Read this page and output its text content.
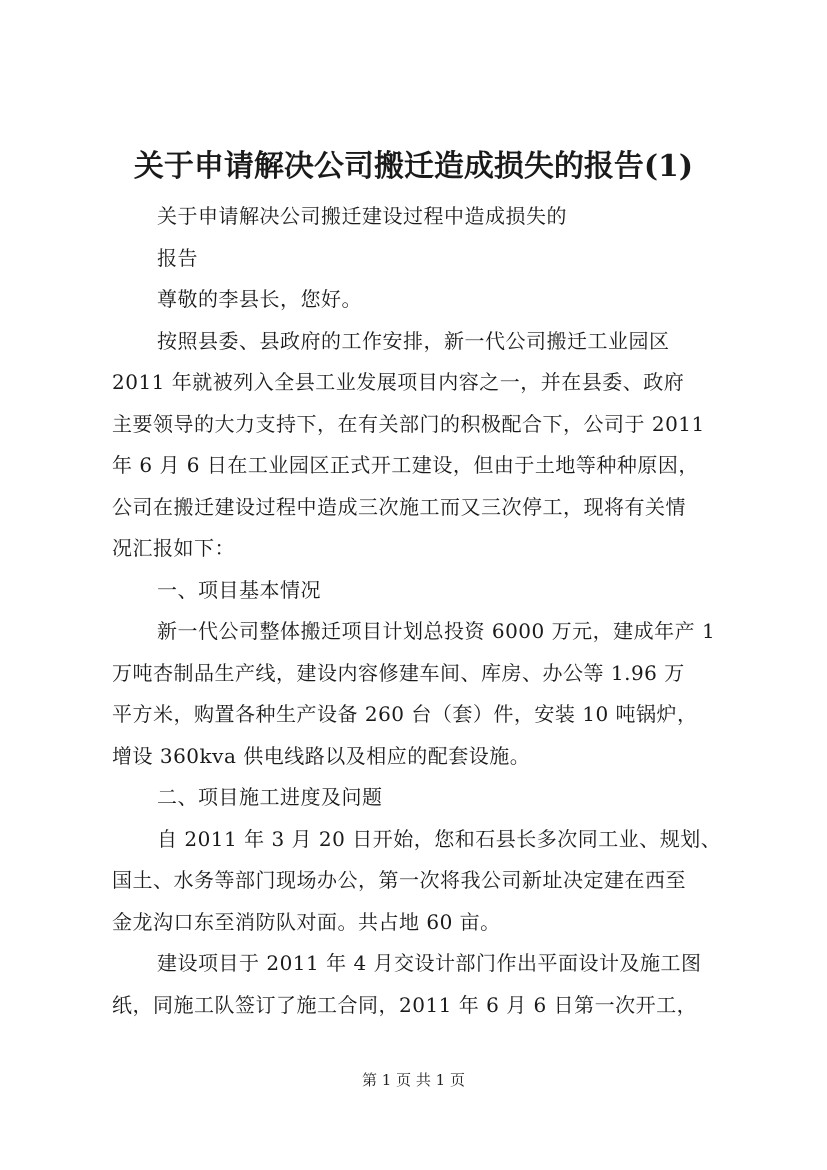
关于申请解决公司搬迁造成损失的报告(1)
关于申请解决公司搬迁建设过程中造成损失的
报告
尊敬的李县长，您好。
按照县委、县政府的工作安排，新一代公司搬迁工业园区
2011 年就被列入全县工业发展项目内容之一，并在县委、政府
主要领导的大力支持下，在有关部门的积极配合下，公司于 2011
年 6 月 6 日在工业园区正式开工建设，但由于土地等种种原因，
公司在搬迁建设过程中造成三次施工而又三次停工，现将有关情
况汇报如下：
一、项目基本情况
新一代公司整体搬迁项目计划总投资 6000 万元，建成年产 1
万吨杏制品生产线，建设内容修建车间、库房、办公等 1.96 万
平方米，购置各种生产设备 260 台（套）件，安装 10 吨锅炉，
增设 360kva 供电线路以及相应的配套设施。
二、项目施工进度及问题
自 2011 年 3 月 20 日开始，您和石县长多次同工业、规划、
国土、水务等部门现场办公，第一次将我公司新址决定建在西至
金龙沟口东至消防队对面。共占地 60 亩。
建设项目于 2011 年 4 月交设计部门作出平面设计及施工图
纸，同施工队签订了施工合同，2011 年 6 月 6 日第一次开工，
第 1 页 共 1 页
